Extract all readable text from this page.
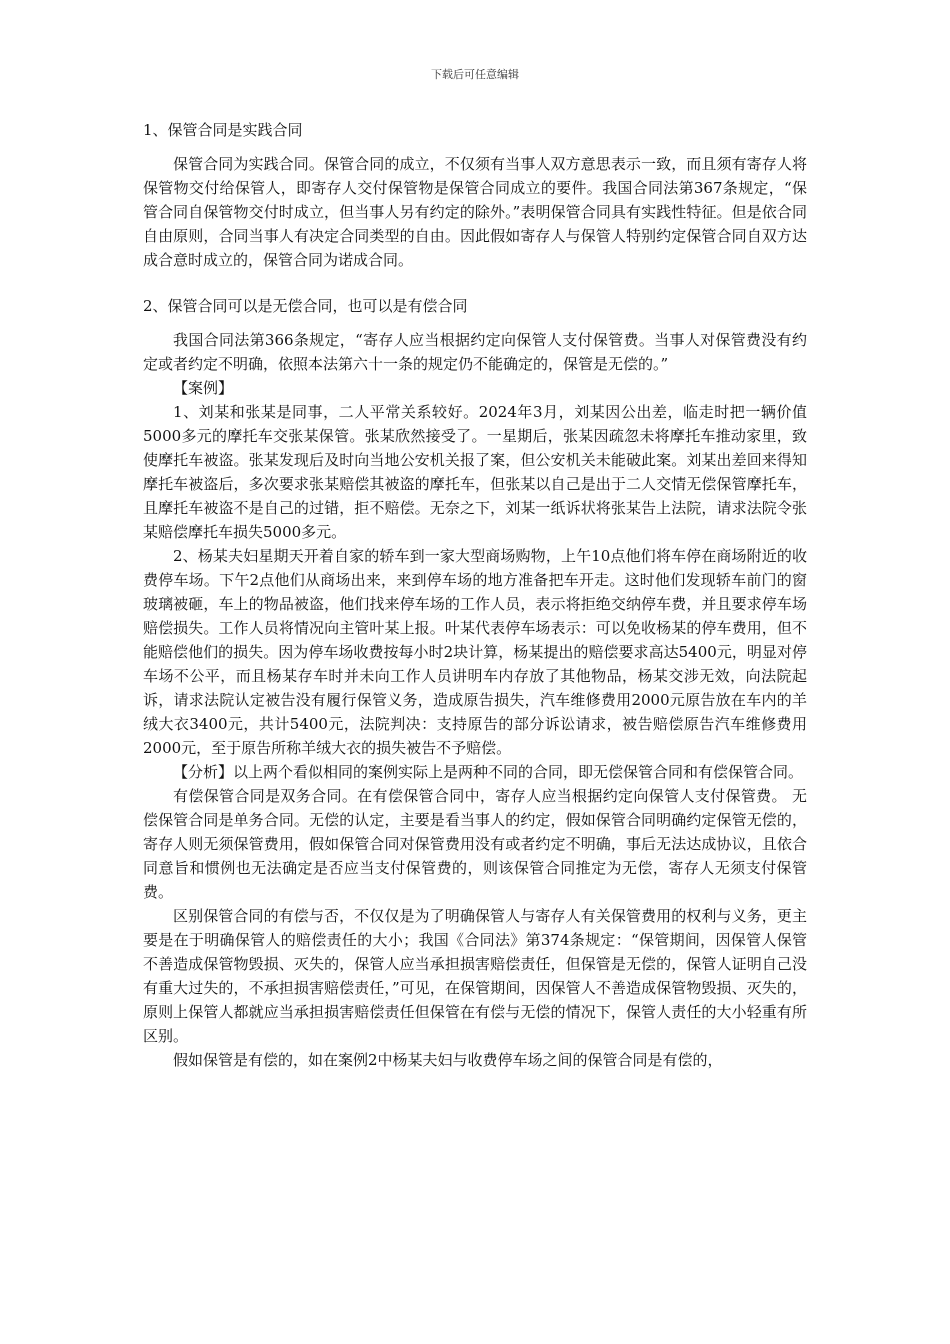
下载后可任意编辑

1、保管合同是实践合同

保管合同为实践合同。保管合同的成立，不仅须有当事人双方意思表示一致，而且须有寄存人将保管物交付给保管人，即寄存人交付保管物是保管合同成立的要件。我国合同法第367条规定，“保管合同自保管物交付时成立，但当事人另有约定的除外。”表明保管合同具有实践性特征。但是依合同自由原则，合同当事人有决定合同类型的自由。因此假如寄存人与保管人特别约定保管合同自双方达成合意时成立的，保管合同为诺成合同。

2、保管合同可以是无偿合同，也可以是有偿合同

我国合同法第366条规定，“寄存人应当根据约定向保管人支付保管费。当事人对保管费没有约定或者约定不明确，依照本法第六十一条的规定仍不能确定的，保管是无偿的。”

【案例】

1、刘某和张某是同事，二人平常关系较好。2024年3月，刘某因公出差，临走时把一辆价值5000多元的摩托车交张某保管。张某欣然接受了。一星期后，张某因疏忽未将摩托车推动家里，致使摩托车被盗。张某发现后及时向当地公安机关报了案，但公安机关未能破此案。刘某出差回来得知摩托车被盗后，多次要求张某赔偿其被盗的摩托车，但张某以自己是出于二人交情无偿保管摩托车，且摩托车被盗不是自己的过错，拒不赔偿。无奈之下，刘某一纸诉状将张某告上法院，请求法院令张某赔偿摩托车损失5000多元。

2、杨某夫妇星期天开着自家的轿车到一家大型商场购物，上午10点他们将车停在商场附近的收费停车场。下午2点他们从商场出来，来到停车场的地方准备把车开走。这时他们发现轿车前门的窗玻璃被砸，车上的物品被盗，他们找来停车场的工作人员，表示将拒绝交纳停车费，并且要求停车场赔偿损失。工作人员将情况向主管叶某上报。叶某代表停车场表示：可以免收杨某的停车费用，但不能赔偿他们的损失。因为停车场收费按每小时2块计算，杨某提出的赔偿要求高达5400元，明显对停车场不公平，而且杨某存车时并未向工作人员讲明车内存放了其他物品，杨某交涉无效，向法院起诉，请求法院认定被告没有履行保管义务，造成原告损失，汽车维修费用2000元原告放在车内的羊绒大衣3400元，共计5400元，法院判决：支持原告的部分诉讼请求，被告赔偿原告汽车维修费用2000元，至于原告所称羊绒大衣的损失被告不予赔偿。

【分析】以上两个看似相同的案例实际上是两种不同的合同，即无偿保管合同和有偿保管合同。

有偿保管合同是双务合同。在有偿保管合同中，寄存人应当根据约定向保管人支付保管费。 无偿保管合同是单务合同。无偿的认定，主要是看当事人的约定，假如保管合同明确约定保管无偿的，寄存人则无须保管费用，假如保管合同对保管费用没有或者约定不明确，事后无法达成协议，且依合同意旨和惯例也无法确定是否应当支付保管费的，则该保管合同推定为无偿，寄存人无须支付保管费。

区别保管合同的有偿与否，不仅仅是为了明确保管人与寄存人有关保管费用的权利与义务，更主要是在于明确保管人的赔偿责任的大小；我国《合同法》第374条规定：“保管期间，因保管人保管不善造成保管物毁损、灭失的，保管人应当承担损害赔偿责任，但保管是无偿的，保管人证明自己没有重大过失的，不承担损害赔偿责任，”可见，在保管期间，因保管人不善造成保管物毁损、灭失的，原则上保管人都就应当承担损害赔偿责任但保管在有偿与无偿的情况下，保管人责任的大小轻重有所区别。

假如保管是有偿的，如在案例2中杨某夫妇与收费停车场之间的保管合同是有偿的，
